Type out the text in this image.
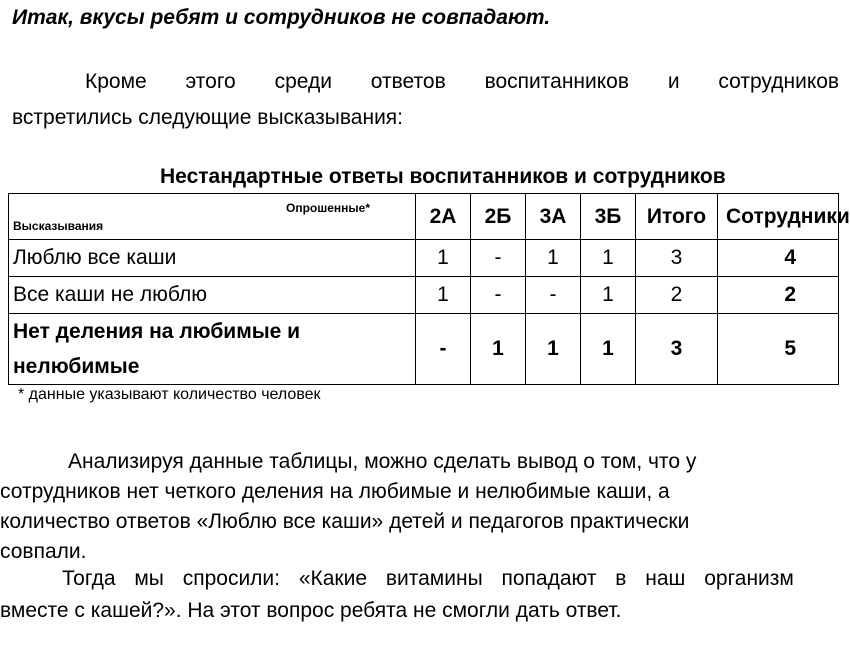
Итак, вкусы ребят и сотрудников не совпадают.
Кроме этого среди ответов воспитанников и сотрудников
встретились следующие высказывания:
Нестандартные ответы воспитанников и сотрудников
Опрошенные*
Высказывания	2А	2Б	3А	3Б	Итого	Сотрудники
Люблю все каши	1	-	1	1	3	4
Все каши не люблю	1	-	-	1	2	2
Нет деления на любимые и
нелюбимые	-	1	1	1	3	5
* данные указывают количество человек
Анализируя данные таблицы, можно сделать вывод о том, что у
сотрудников нет четкого деления на любимые и нелюбимые каши, а
количество ответов «Люблю все каши» детей и педагогов практически
совпали.
Тогда мы спросили: «Какие витамины попадают в наш организм
вместе с кашей?». На этот вопрос ребята не смогли дать ответ.
